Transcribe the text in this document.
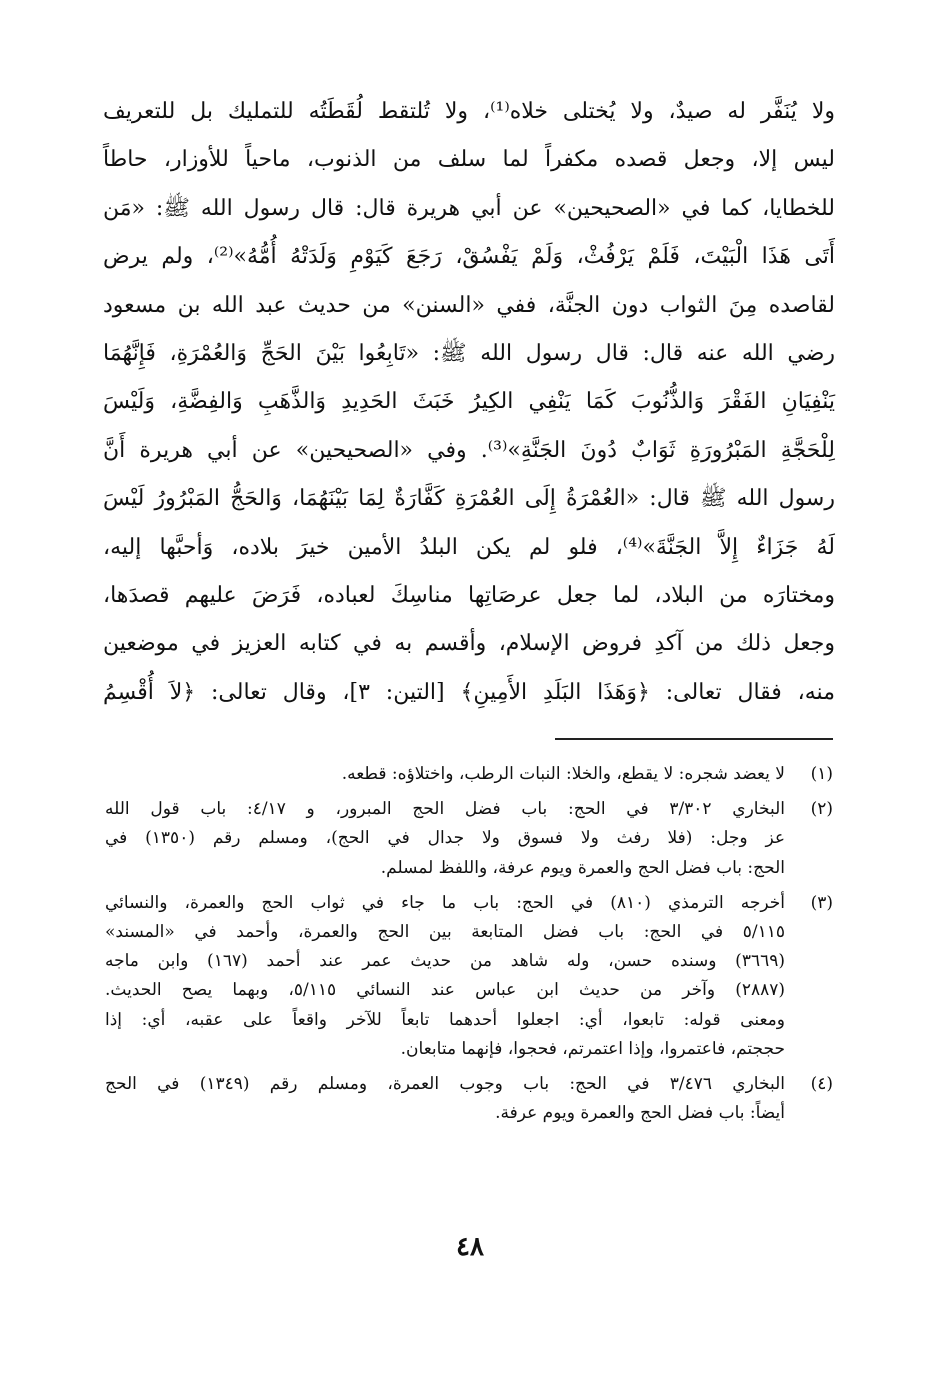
ولا يُنَفَّر له صيدٌ، ولا يُختلى خلاه⁽¹⁾، ولا تُلتقط لُقَطَتُه للتمليك بل للتعريف
ليس إلا، وجعل قصده مكفراً لما سلف من الذنوب، ماحياً للأوزار، حاطاً
للخطايا، كما في «الصحيحين» عن أبي هريرة قال: قال رسول الله ﷺ: «مَن
أَتَى هَذَا الْبَيْتَ، فَلَمْ يَرْفُثْ، وَلَمْ يَفْسُقْ، رَجَعَ كَيَوْمِ وَلَدَتْهُ أُمُّهُ»⁽²⁾، ولم يرض
لقاصده مِنَ الثواب دون الجنَّة، ففي «السنن» من حديث عبد الله بن مسعود
رضي الله عنه قال: قال رسول الله ﷺ: «تَابِعُوا بَيْنَ الحَجِّ وَالعُمْرَةِ، فَإِنَّهُمَا
يَنْفِيَانِ الفَقْرَ وَالذُّنُوبَ كَمَا يَنْفِي الكِيرُ خَبَثَ الحَدِيدِ وَالذَّهَبِ وَالفِضَّةِ، وَلَيْسَ
لِلْحَجَّةِ المَبْرُورَةِ ثَوَابٌ دُونَ الجَنَّةِ»⁽³⁾. وفي «الصحيحين» عن أبي هريرة أَنَّ
رسول الله ﷺ قال: «العُمْرَةُ إِلَى العُمْرَةِ كَفَّارَةٌ لِمَا بَيْنَهُمَا، وَالحَجُّ المَبْرُورُ لَيْسَ
لَهُ جَزَاءٌ إِلاَّ الجَنَّةَ»⁽⁴⁾، فلو لم يكن البلدُ الأمين خيرَ بلاده، وَأحبَّها إليه،
ومختارَه من البلاد، لما جعل عرصَاتِها مناسِكَ لعباده، فَرَضَ عليهم قصدَها،
وجعل ذلك من آكدِ فروض الإسلام، وأقسم به في كتابه العزيز في موضعين
منه، فقال تعالى: ﴿وَهَذَا البَلَدِ الأَمِينِ﴾ [التين: ٣]، وقال تعالى: ﴿لاَ أُقْسِمُ
(١)
لا يعضد شجره: لا يقطع، والخلا: النبات الرطب، واختلاؤه: قطعه.
(٢)
البخاري ٣/٣٠٢ في الحج: باب فضل الحج المبرور، و ٤/١٧: باب قول الله
عز وجل: (فلا رفث ولا فسوق ولا جدال في الحج)، ومسلم رقم (١٣٥٠) في
الحج: باب فضل الحج والعمرة ويوم عرفة، واللفظ لمسلم.
(٣)
أخرجه الترمذي (٨١٠) في الحج: باب ما جاء في ثواب الحج والعمرة، والنسائي
٥/١١٥ في الحج: باب فضل المتابعة بين الحج والعمرة، وأحمد في «المسند»
(٣٦٦٩) وسنده حسن، وله شاهد من حديث عمر عند أحمد (١٦٧) وابن ماجه
(٢٨٨٧) وآخر من حديث ابن عباس عند النسائي ٥/١١٥، وبهما يصح الحديث.
ومعنى قوله: تابعوا، أي: اجعلوا أحدهما تابعاً للآخر واقعاً على عقبه، أي: إذا
حججتم، فاعتمروا، وإذا اعتمرتم، فحجوا، فإنهما متابعان.
(٤)
البخاري ٣/٤٧٦ في الحج: باب وجوب العمرة، ومسلم رقم (١٣٤٩) في الحج
أيضاً: باب فضل الحج والعمرة ويوم عرفة.
٤٨
